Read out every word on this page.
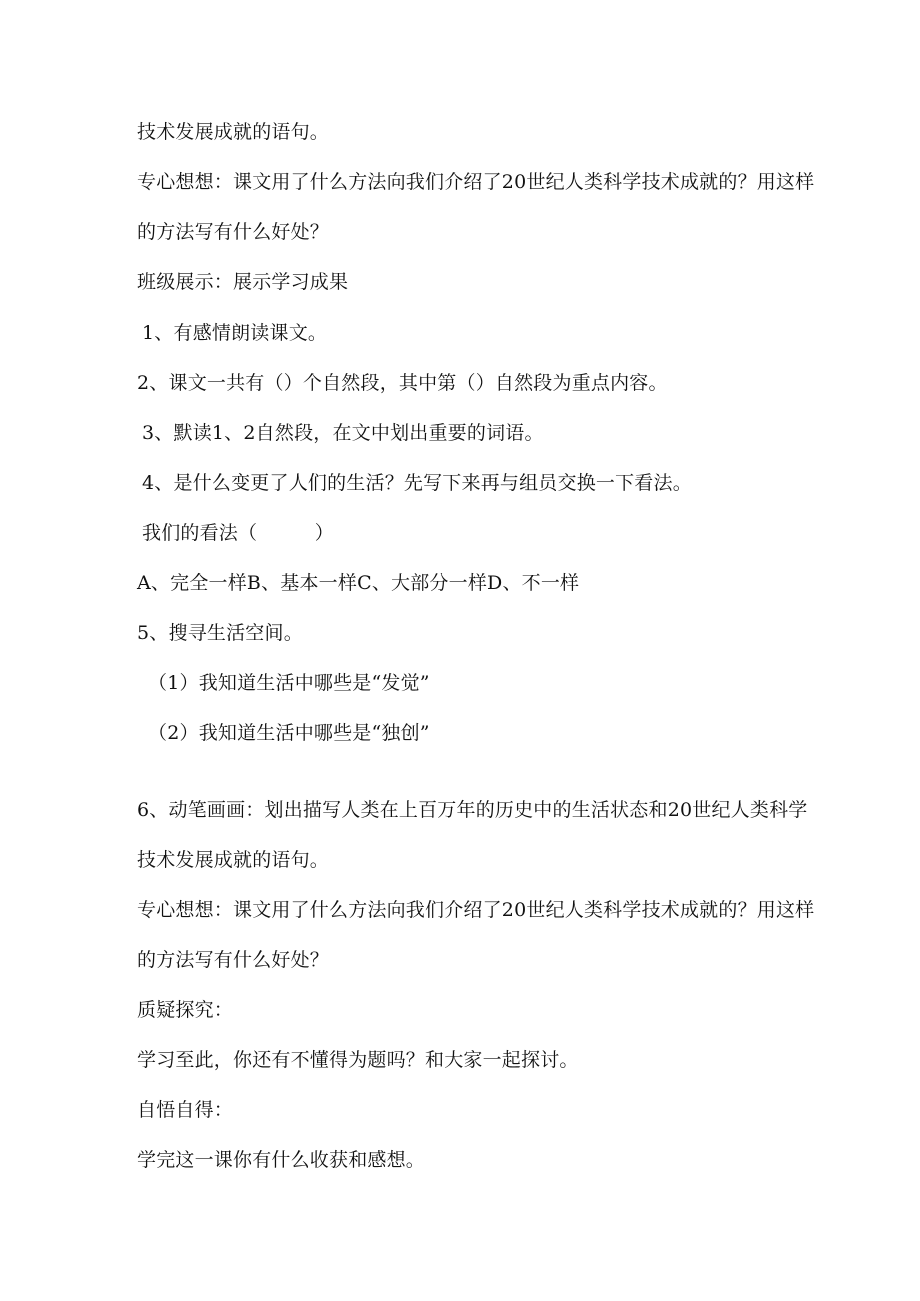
技术发展成就的语句。
专心想想：课文用了什么方法向我们介绍了20世纪人类科学技术成就的？用这样
的方法写有什么好处？
班级展示：展示学习成果
1、有感情朗读课文。
2、课文一共有（）个自然段，其中第（）自然段为重点内容。
3、默读1、2自然段，在文中划出重要的词语。
4、是什么变更了人们的生活？先写下来再与组员交换一下看法。
我们的看法（　　　）
A、完全一样B、基本一样C、大部分一样D、不一样
5、搜寻生活空间。
（1）我知道生活中哪些是“发觉”
（2）我知道生活中哪些是“独创”
6、动笔画画：划出描写人类在上百万年的历史中的生活状态和20世纪人类科学
技术发展成就的语句。
专心想想：课文用了什么方法向我们介绍了20世纪人类科学技术成就的？用这样
的方法写有什么好处？
质疑探究：
学习至此，你还有不懂得为题吗？和大家一起探讨。
自悟自得：
学完这一课你有什么收获和感想。
